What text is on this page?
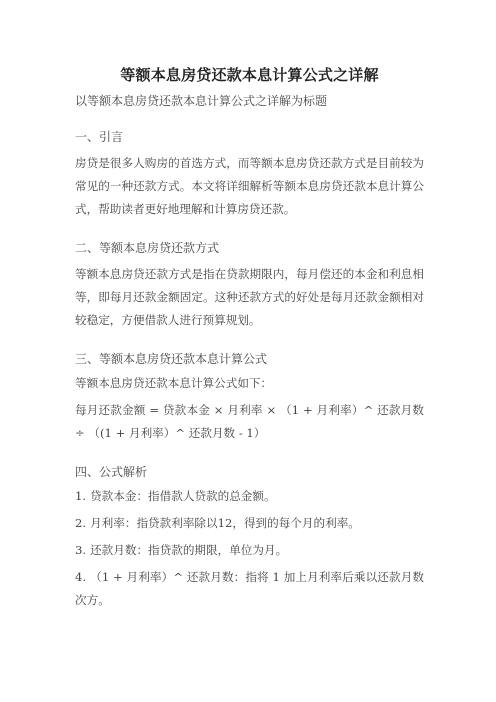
等额本息房贷还款本息计算公式之详解

以等额本息房贷还款本息计算公式之详解为标题

一、引言

房贷是很多人购房的首选方式，而等额本息房贷还款方式是目前较为常见的一种还款方式。本文将详细解析等额本息房贷还款本息计算公式，帮助读者更好地理解和计算房贷还款。

二、等额本息房贷还款方式

等额本息房贷还款方式是指在贷款期限内，每月偿还的本金和利息相等，即每月还款金额固定。这种还款方式的好处是每月还款金额相对较稳定，方便借款人进行预算规划。

三、等额本息房贷还款本息计算公式

等额本息房贷还款本息计算公式如下：

每月还款金额 = 贷款本金 × 月利率 × （1 + 月利率）^ 还款月数 ÷ （(1 + 月利率）^ 还款月数 - 1）

四、公式解析

1. 贷款本金：指借款人贷款的总金额。

2. 月利率：指贷款利率除以12，得到的每个月的利率。

3. 还款月数：指贷款的期限，单位为月。

4. （1 + 月利率）^ 还款月数：指将 1 加上月利率后乘以还款月数次方。
